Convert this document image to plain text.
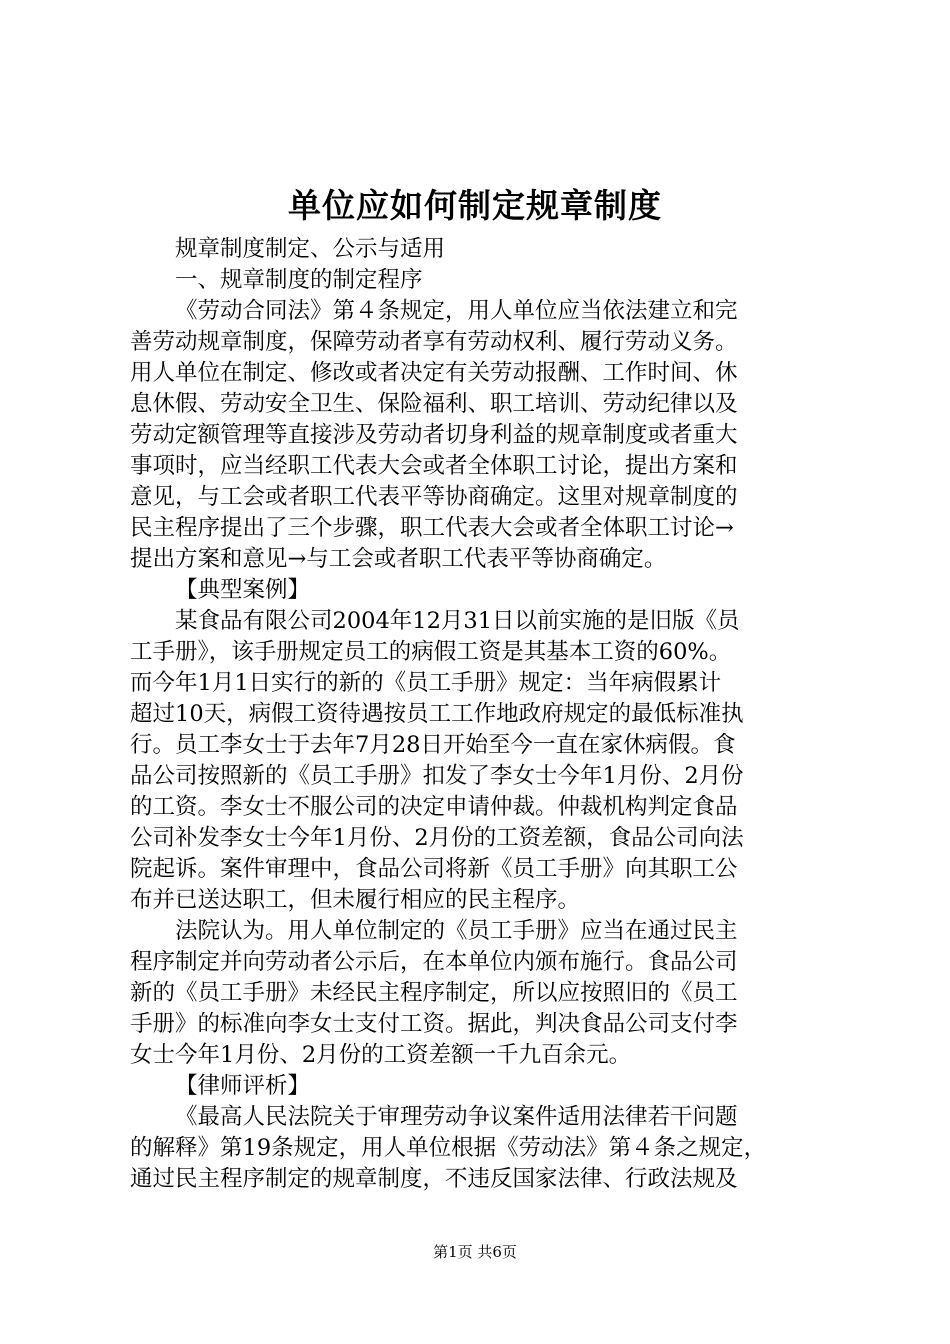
单位应如何制定规章制度
规章制度制定、公示与适用
一、规章制度的制定程序
《劳动合同法》第４条规定，用人单位应当依法建立和完
善劳动规章制度，保障劳动者享有劳动权利、履行劳动义务。
用人单位在制定、修改或者决定有关劳动报酬、工作时间、休
息休假、劳动安全卫生、保险福利、职工培训、劳动纪律以及
劳动定额管理等直接涉及劳动者切身利益的规章制度或者重大
事项时，应当经职工代表大会或者全体职工讨论，提出方案和
意见，与工会或者职工代表平等协商确定。这里对规章制度的
民主程序提出了三个步骤，职工代表大会或者全体职工讨论→
提出方案和意见→与工会或者职工代表平等协商确定。
【典型案例】
某食品有限公司2004年12月31日以前实施的是旧版《员
工手册》，该手册规定员工的病假工资是其基本工资的60%。
而今年1月1日实行的新的《员工手册》规定：当年病假累计
超过10天，病假工资待遇按员工工作地政府规定的最低标准执
行。员工李女士于去年7月28日开始至今一直在家休病假。食
品公司按照新的《员工手册》扣发了李女士今年1月份、2月份
的工资。李女士不服公司的决定申请仲裁。仲裁机构判定食品
公司补发李女士今年1月份、2月份的工资差额，食品公司向法
院起诉。案件审理中，食品公司将新《员工手册》向其职工公
布并已送达职工，但未履行相应的民主程序。
法院认为。用人单位制定的《员工手册》应当在通过民主
程序制定并向劳动者公示后，在本单位内颁布施行。食品公司
新的《员工手册》未经民主程序制定，所以应按照旧的《员工
手册》的标准向李女士支付工资。据此，判决食品公司支付李
女士今年1月份、2月份的工资差额一千九百余元。
【律师评析】
《最高人民法院关于审理劳动争议案件适用法律若干问题
的解释》第19条规定，用人单位根据《劳动法》第４条之规定，
通过民主程序制定的规章制度，不违反国家法律、行政法规及
第1页 共6页
